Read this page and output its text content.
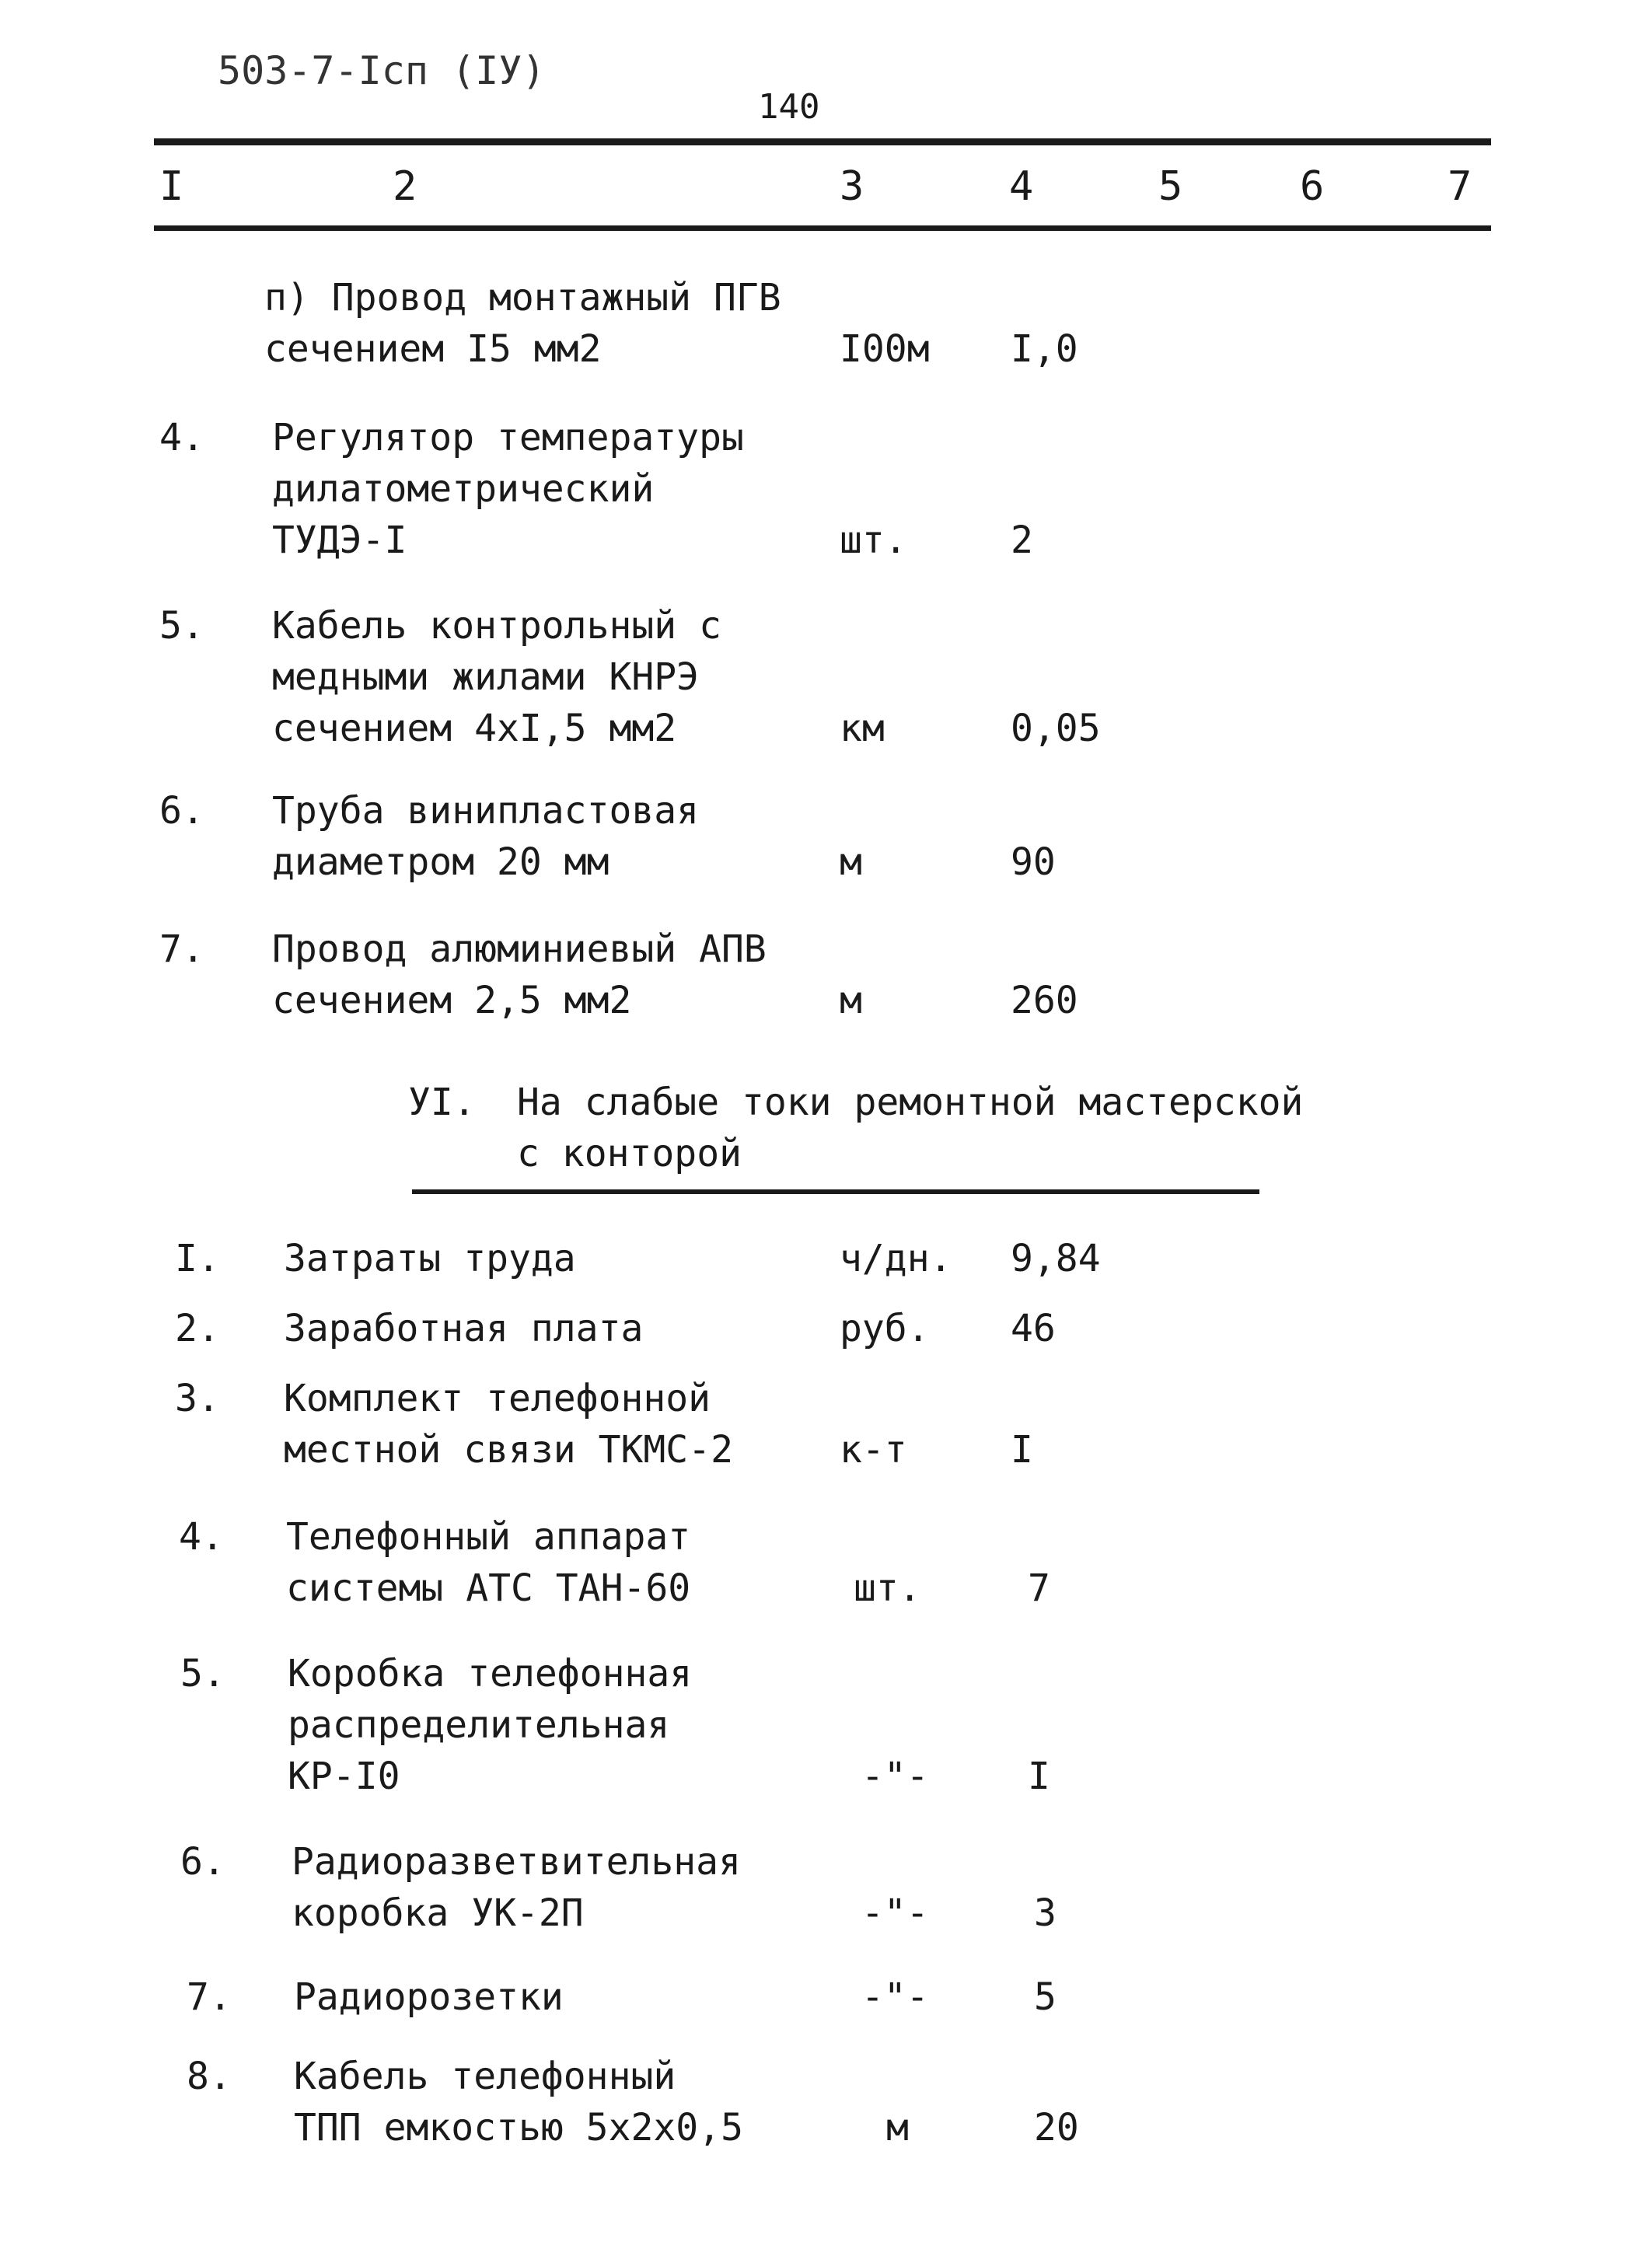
503-7-Iсп (IУ)
140
I	2	3	4	5	6	7
п) Провод монтажный ПГВ
сечением I5 мм2	I00м I,0
4. Регулятор температуры
дилатометрический
ТУДЭ-I	шт.	2
5. Кабель контрольный с
медными жилами КНРЭ
сечением 4хI,5 мм2	км	0,05
6. Труба винипластовая
диаметром 20 мм	м	90
7. Провод алюминиевый АПВ
сечением 2,5 мм2	м	260
УI. На слабые токи ремонтной мастерской
с конторой
I. Затраты труда	ч/дн. 9,84
2. Заработная плата	руб. 46
3. Комплект телефонной
местной связи ТКМС-2	к-т	I
4. Телефонный аппарат
системы АТС ТАН-60	шт.	7
5. Коробка телефонная
распределительная
КР-I0	-"-	I
6. Радиоразветвительная
коробка УК-2П	-"-	3
7. Радиорозетки	-"-	5
8. Кабель телефонный
ТПП емкостью 5х2х0,5	м	20
